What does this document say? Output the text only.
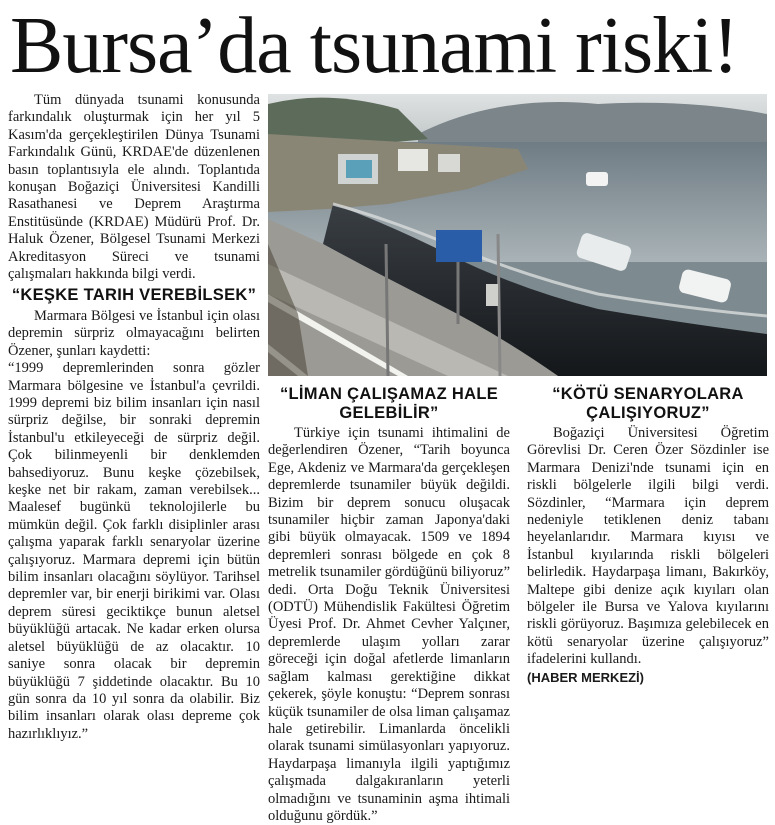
Bursa’da tsunami riski!

Tüm dünyada tsunami konusunda farkındalık oluşturmak için her yıl 5 Kasım'da gerçekleştirilen Dünya Tsunami Farkındalık Günü, KRDAE'de düzenlenen basın toplantısıyla ele alındı. Toplantıda konuşan Boğaziçi Üniversitesi Kandilli Rasathanesi ve Deprem Araştırma Enstitüsünde (KRDAE) Müdürü Prof. Dr. Haluk Özener, Bölgesel Tsunami Merkezi Akreditasyon Süreci ve tsunami çalışmaları hakkında bilgi verdi.

“KEŞKE TARIH VEREBİLSEK”

Marmara Bölgesi ve İstanbul için olası depremin sürpriz olmayacağını belirten Özener, şunları kaydetti:

“1999 depremlerinden sonra gözler Marmara bölgesine ve İstanbul'a çevrildi. 1999 depremi biz bilim insanları için nasıl sürpriz değilse, bir sonraki depremin İstanbul'u etkileyeceği de sürpriz değil. Çok bilinmeyenli bir denklemden bahsediyoruz. Bunu keşke çözebilsek, keşke net bir rakam, zaman verebilsek... Maalesef bugünkü teknolojilerle bu mümkün değil. Çok farklı disiplinler arası çalışma yaparak farklı senaryolar üzerine çalışıyoruz. Marmara depremi için bütün bilim insanları olacağını söylüyor. Tarihsel depremler var, bir enerji birikimi var. Olası deprem süresi geciktikçe bunun aletsel büyüklüğü artacak. Ne kadar erken olursa aletsel büyüklüğü de az olacaktır. 10 saniye sonra olacak bir depremin büyüklüğü 7 şiddetinde olacaktır. Bu 10 gün sonra da 10 yıl sonra da olabilir. Biz bilim insanları olarak olası depreme çok hazırlıklıyız.”

“LİMAN ÇALIŞAMAZ HALE GELEBİLİR”

Türkiye için tsunami ihtimalini de değerlendiren Özener, “Tarih boyunca Ege, Akdeniz ve Marmara'da gerçekleşen depremlerde tsunamiler büyük değildi. Bizim bir deprem sonucu oluşacak tsunamiler hiçbir zaman Japonya'daki gibi büyük olmayacak. 1509 ve 1894 depremleri sonrası bölgede en çok 8 metrelik tsunamiler gördüğünü biliyoruz” dedi. Orta Doğu Teknik Üniversitesi (ODTÜ) Mühendislik Fakültesi Öğretim Üyesi Prof. Dr. Ahmet Cevher Yalçıner, depremlerde ulaşım yolları zarar göreceği için doğal afetlerde limanların sağlam kalması gerektiğine dikkat çekerek, şöyle konuştu: “Deprem sonrası küçük tsunamiler de olsa liman çalışamaz hale getirebilir. Limanlarda öncelikli olarak tsunami simülasyonları yapıyoruz. Haydarpaşa limanıyla ilgili yaptığımız çalışmada dalgakıranların yeterli olmadığını ve tsunaminin aşma ihtimali olduğunu gördük.”

“KÖTÜ SENARYOLARA ÇALIŞIYORUZ”

Boğaziçi Üniversitesi Öğretim Görevlisi Dr. Ceren Özer Sözdinler ise Marmara Denizi'nde tsunami için en riskli bölgelerle ilgili bilgi verdi. Sözdinler, “Marmara için deprem nedeniyle tetiklenen deniz tabanı heyelanlarıdır. Marmara kıyısı ve İstanbul kıyılarında riskli bölgeleri belirledik. Haydarpaşa limanı, Bakırköy, Maltepe gibi denize açık kıyıları olan bölgeler ile Bursa ve Yalova kıyılarını riskli görüyoruz. Başımıza gelebilecek en kötü senaryolar üzerine çalışıyoruz” ifadelerini kullandı.

(HABER MERKEZİ)
